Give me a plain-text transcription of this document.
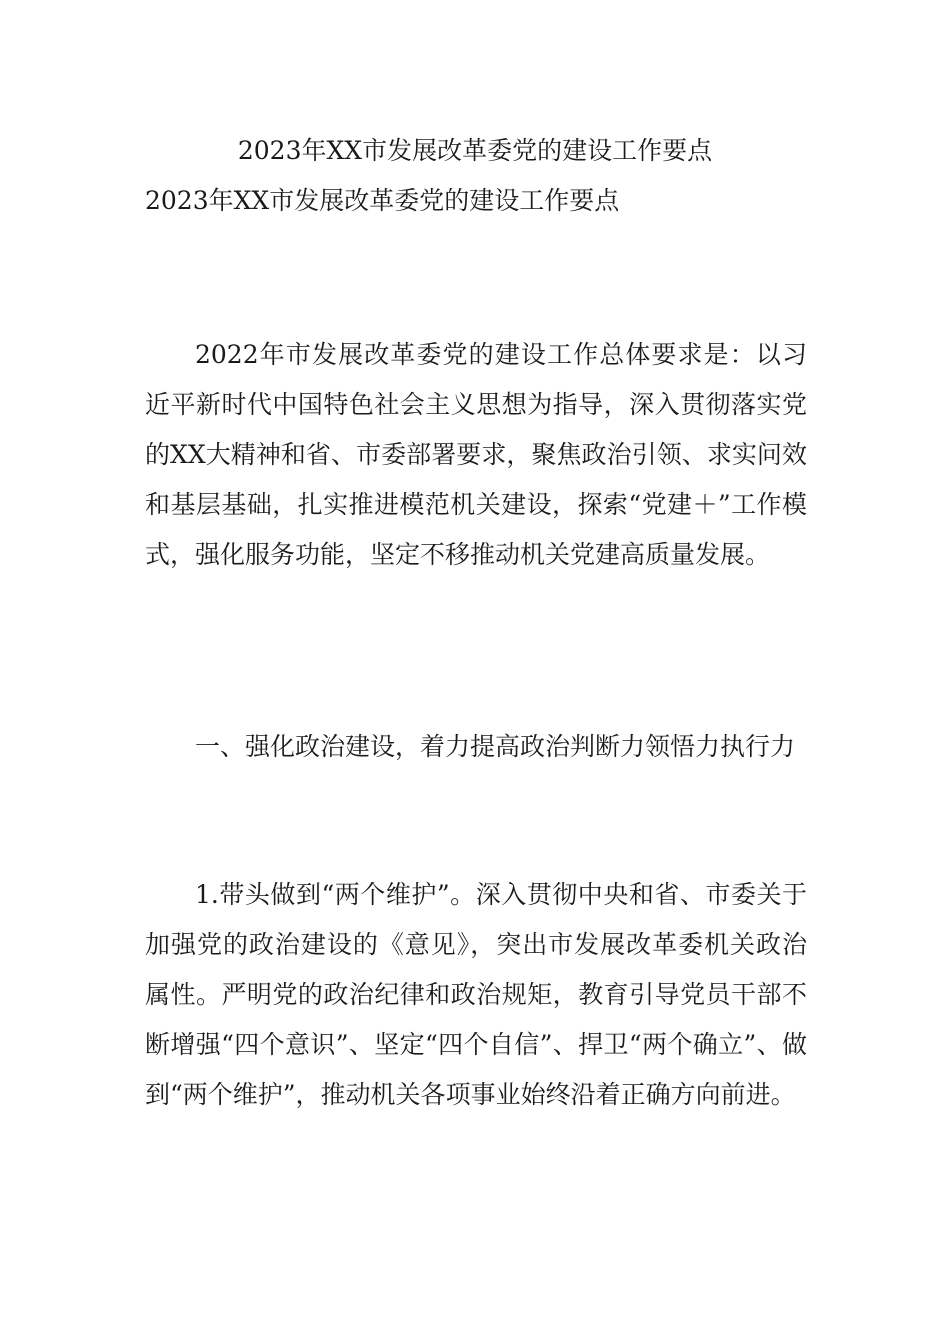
2023年XX市发展改革委党的建设工作要点
2023年XX市发展改革委党的建设工作要点

2022年市发展改革委党的建设工作总体要求是：以习近平新时代中国特色社会主义思想为指导，深入贯彻落实党的XX大精神和省、市委部署要求，聚焦政治引领、求实问效和基层基础，扎实推进模范机关建设，探索“党建＋”工作模式，强化服务功能，坚定不移推动机关党建高质量发展。

一、强化政治建设，着力提高政治判断力领悟力执行力

1.带头做到“两个维护”。深入贯彻中央和省、市委关于加强党的政治建设的《意见》，突出市发展改革委机关政治属性。严明党的政治纪律和政治规矩，教育引导党员干部不断增强“四个意识”、坚定“四个自信”、捍卫“两个确立”、做到“两个维护”，推动机关各项事业始终沿着正确方向前进。
